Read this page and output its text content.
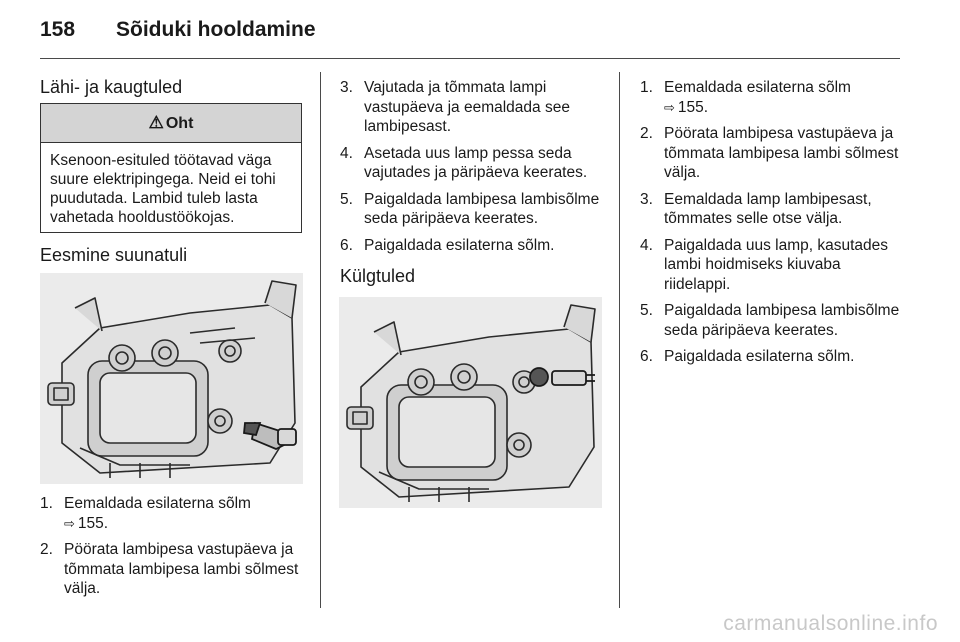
158 Sõiduki hooldamine
Lähi- ja kaugtuled
⚠ Oht
Ksenoon-esituled töötavad väga suure elektripingega. Neid ei tohi puudutada. Lambid tuleb lasta vahetada hooldustöökojas.
Eesmine suunatuli
1. Eemaldada esilaterna sõlm
⇨ 155.
2. Pöörata lambipesa vastupäeva ja tõmmata lambipesa lambi sõlmest välja.
3. Vajutada ja tõmmata lampi vastupäeva ja eemaldada see lambipesast.
4. Asetada uus lamp pessa seda vajutades ja päripäeva keerates.
5. Paigaldada lambipesa lambisõlme seda päripäeva keerates.
6. Paigaldada esilaterna sõlm.
Külgtuled
1. Eemaldada esilaterna sõlm
⇨ 155.
2. Pöörata lambipesa vastupäeva ja tõmmata lambipesa lambi sõlmest välja.
3. Eemaldada lamp lambipesast, tõmmates selle otse välja.
4. Paigaldada uus lamp, kasutades lambi hoidmiseks kiuvaba riidelappi.
5. Paigaldada lambipesa lambisõlme seda päripäeva keerates.
6. Paigaldada esilaterna sõlm.
carmanualsonline.info
